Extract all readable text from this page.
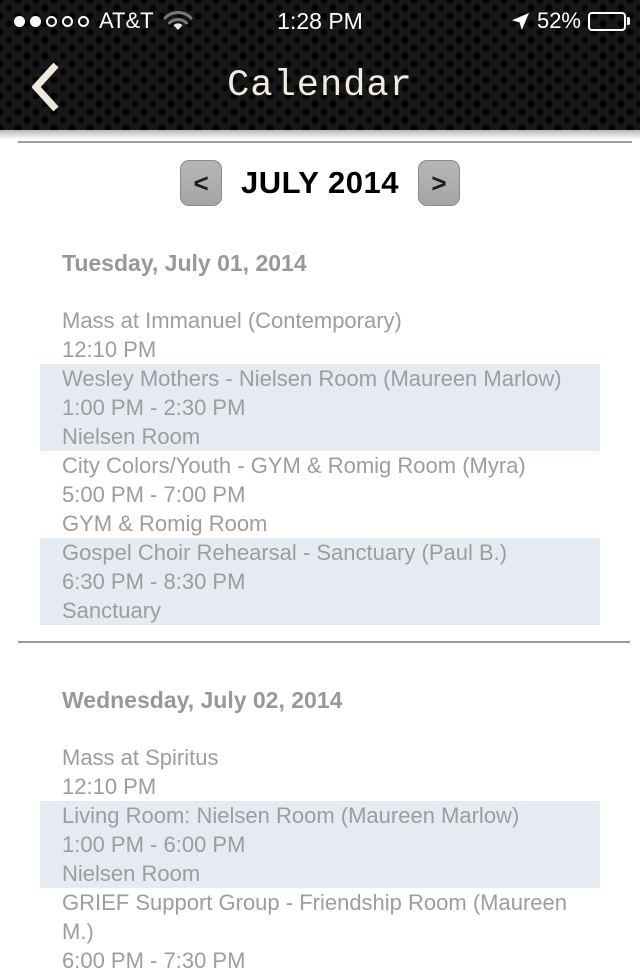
AT&T	1:28 PM	52%
Calendar
<	JULY 2014	>
Tuesday, July 01, 2014
Mass at Immanuel (Contemporary)
12:10 PM
Wesley Mothers - Nielsen Room (Maureen Marlow)
1:00 PM - 2:30 PM
Nielsen Room
City Colors/Youth - GYM & Romig Room (Myra)
5:00 PM - 7:00 PM
GYM & Romig Room
Gospel Choir Rehearsal - Sanctuary (Paul B.)
6:30 PM - 8:30 PM
Sanctuary
Wednesday, July 02, 2014
Mass at Spiritus
12:10 PM
Living Room: Nielsen Room (Maureen Marlow)
1:00 PM - 6:00 PM
Nielsen Room
GRIEF Support Group - Friendship Room (Maureen M.)
6:00 PM - 7:30 PM
